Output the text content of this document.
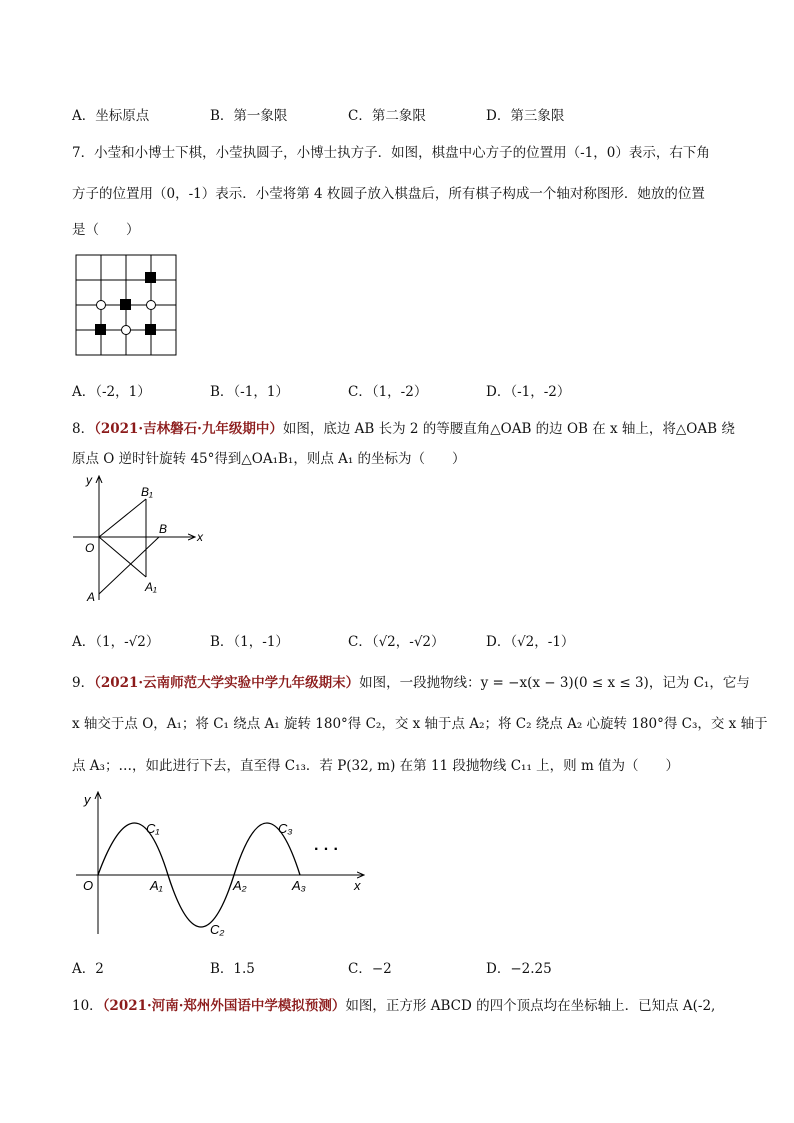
A．坐标原点	B．第一象限	C．第二象限	D．第三象限
7．小莹和小博士下棋，小莹执圆子，小博士执方子．如图，棋盘中心方子的位置用（-1，0）表示，右下角
方子的位置用（0，-1）表示．小莹将第 4 枚圆子放入棋盘后，所有棋子构成一个轴对称图形．她放的位置
是（　　）
A．（-2，1）	B．（-1，1）	C．（1，-2）	D．（-1，-2）
8．（2021·吉林磐石·九年级期中）如图，底边 AB 长为 2 的等腰直角△OAB 的边 OB 在 x 轴上，将△OAB 绕
原点 O 逆时针旋转 45°得到△OA₁B₁，则点 A₁ 的坐标为（　　）
y
x
O
A
B
B₁
A₁
A．（1，-√2）	B．（1，-1）	C．（√2，-√2）	D．（√2，-1）
9．（2021·云南师范大学实验中学九年级期末）如图，一段抛物线：y = −x(x − 3)(0 ≤ x ≤ 3)，记为 C₁，它与
x 轴交于点 O，A₁；将 C₁ 绕点 A₁ 旋转 180°得 C₂，交 x 轴于点 A₂；将 C₂ 绕点 A₂ 心旋转 180°得 C₃，交 x 轴于
点 A₃；…，如此进行下去，直至得 C₁₃．若 P(32, m) 在第 11 段抛物线 C₁₁ 上，则 m 值为（　　）
y
x
O	A₁	A₂	A₃
C₁
C₂
C₃
· · ·
A．2	B．1.5	C．−2	D．−2.25
10．（2021·河南·郑州外国语中学模拟预测）如图，正方形 ABCD 的四个顶点均在坐标轴上．已知点 A(-2,
